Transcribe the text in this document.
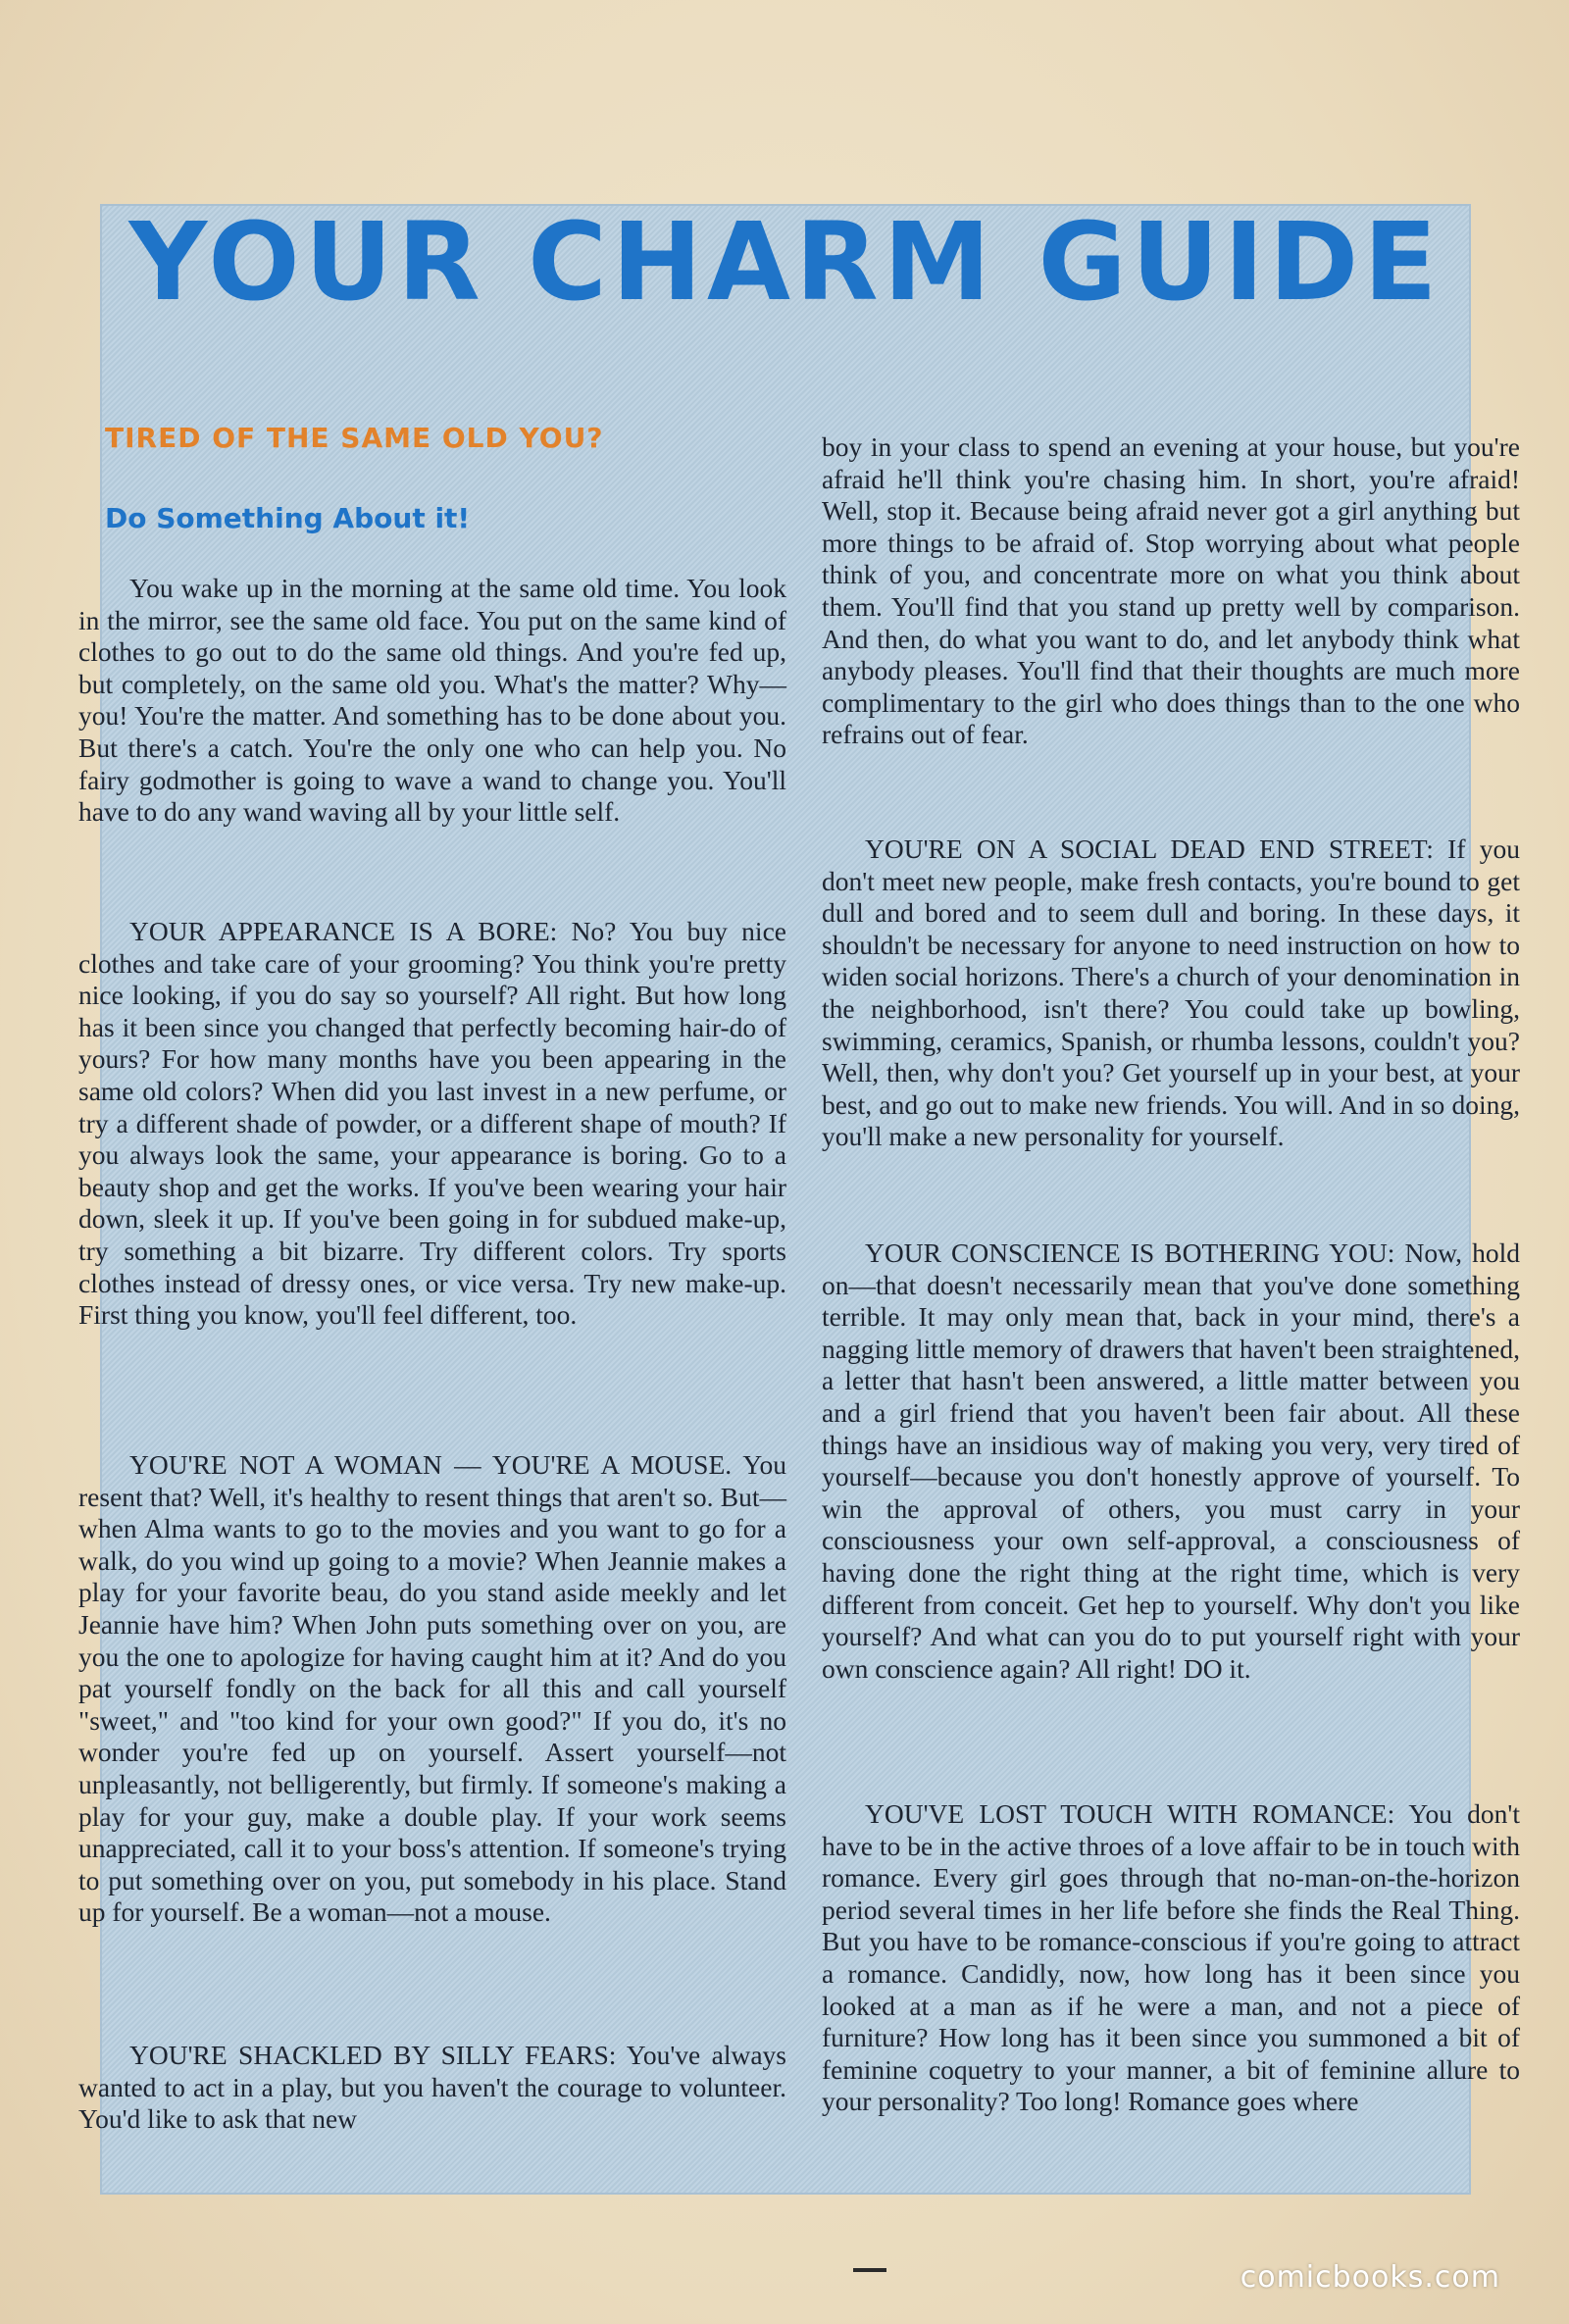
YOUR CHARM GUIDE
TIRED OF THE SAME OLD YOU?
Do Something About it!

You wake up in the morning at the same old time. You look in the mirror, see the same old face. You put on the same kind of clothes to go out to do the same old things. And you're fed up, but completely, on the same old you. What's the matter? Why—you! You're the matter. And something has to be done about you. But there's a catch. You're the only one who can help you. No fairy godmother is going to wave a wand to change you. You'll have to do any wand waving all by your little self.

YOUR APPEARANCE IS A BORE: No? You buy nice clothes and take care of your grooming? You think you're pretty nice looking, if you do say so yourself? All right. But how long has it been since you changed that perfectly becoming hair-do of yours? For how many months have you been appearing in the same old colors? When did you last invest in a new perfume, or try a different shade of powder, or a different shape of mouth? If you always look the same, your appearance is boring. Go to a beauty shop and get the works. If you've been wearing your hair down, sleek it up. If you've been going in for subdued make-up, try something a bit bizarre. Try different colors. Try sports clothes instead of dressy ones, or vice versa. Try new make-up. First thing you know, you'll feel different, too.

YOU'RE NOT A WOMAN — YOU'RE A MOUSE. You resent that? Well, it's healthy to resent things that aren't so. But—when Alma wants to go to the movies and you want to go for a walk, do you wind up going to a movie? When Jeannie makes a play for your favorite beau, do you stand aside meekly and let Jeannie have him? When John puts something over on you, are you the one to apologize for having caught him at it? And do you pat yourself fondly on the back for all this and call yourself "sweet," and "too kind for your own good?" If you do, it's no wonder you're fed up on yourself. Assert yourself—not unpleasantly, not belligerently, but firmly. If someone's making a play for your guy, make a double play. If your work seems unappreciated, call it to your boss's attention. If someone's trying to put something over on you, put somebody in his place. Stand up for yourself. Be a woman—not a mouse.

YOU'RE SHACKLED BY SILLY FEARS: You've always wanted to act in a play, but you haven't the courage to volunteer. You'd like to ask that new

boy in your class to spend an evening at your house, but you're afraid he'll think you're chasing him. In short, you're afraid! Well, stop it. Because being afraid never got a girl anything but more things to be afraid of. Stop worrying about what people think of you, and concentrate more on what you think about them. You'll find that you stand up pretty well by comparison. And then, do what you want to do, and let anybody think what anybody pleases. You'll find that their thoughts are much more complimentary to the girl who does things than to the one who refrains out of fear.

YOU'RE ON A SOCIAL DEAD END STREET: If you don't meet new people, make fresh contacts, you're bound to get dull and bored and to seem dull and boring. In these days, it shouldn't be necessary for anyone to need instruction on how to widen social horizons. There's a church of your denomination in the neighborhood, isn't there? You could take up bowling, swimming, ceramics, Spanish, or rhumba lessons, couldn't you? Well, then, why don't you? Get yourself up in your best, at your best, and go out to make new friends. You will. And in so doing, you'll make a new personality for yourself.

YOUR CONSCIENCE IS BOTHERING YOU: Now, hold on—that doesn't necessarily mean that you've done something terrible. It may only mean that, back in your mind, there's a nagging little memory of drawers that haven't been straightened, a letter that hasn't been answered, a little matter between you and a girl friend that you haven't been fair about. All these things have an insidious way of making you very, very tired of yourself—because you don't honestly approve of yourself. To win the approval of others, you must carry in your consciousness your own self-approval, a consciousness of having done the right thing at the right time, which is very different from conceit. Get hep to yourself. Why don't you like yourself? And what can you do to put yourself right with your own conscience again? All right! DO it.

YOU'VE LOST TOUCH WITH ROMANCE: You don't have to be in the active throes of a love affair to be in touch with romance. Every girl goes through that no-man-on-the-horizon period several times in her life before she finds the Real Thing. But you have to be romance-conscious if you're going to attract a romance. Candidly, now, how long has it been since you looked at a man as if he were a man, and not a piece of furniture? How long has it been since you summoned a bit of feminine coquetry to your manner, a bit of feminine allure to your personality? Too long! Romance goes where

comicbooks.com
